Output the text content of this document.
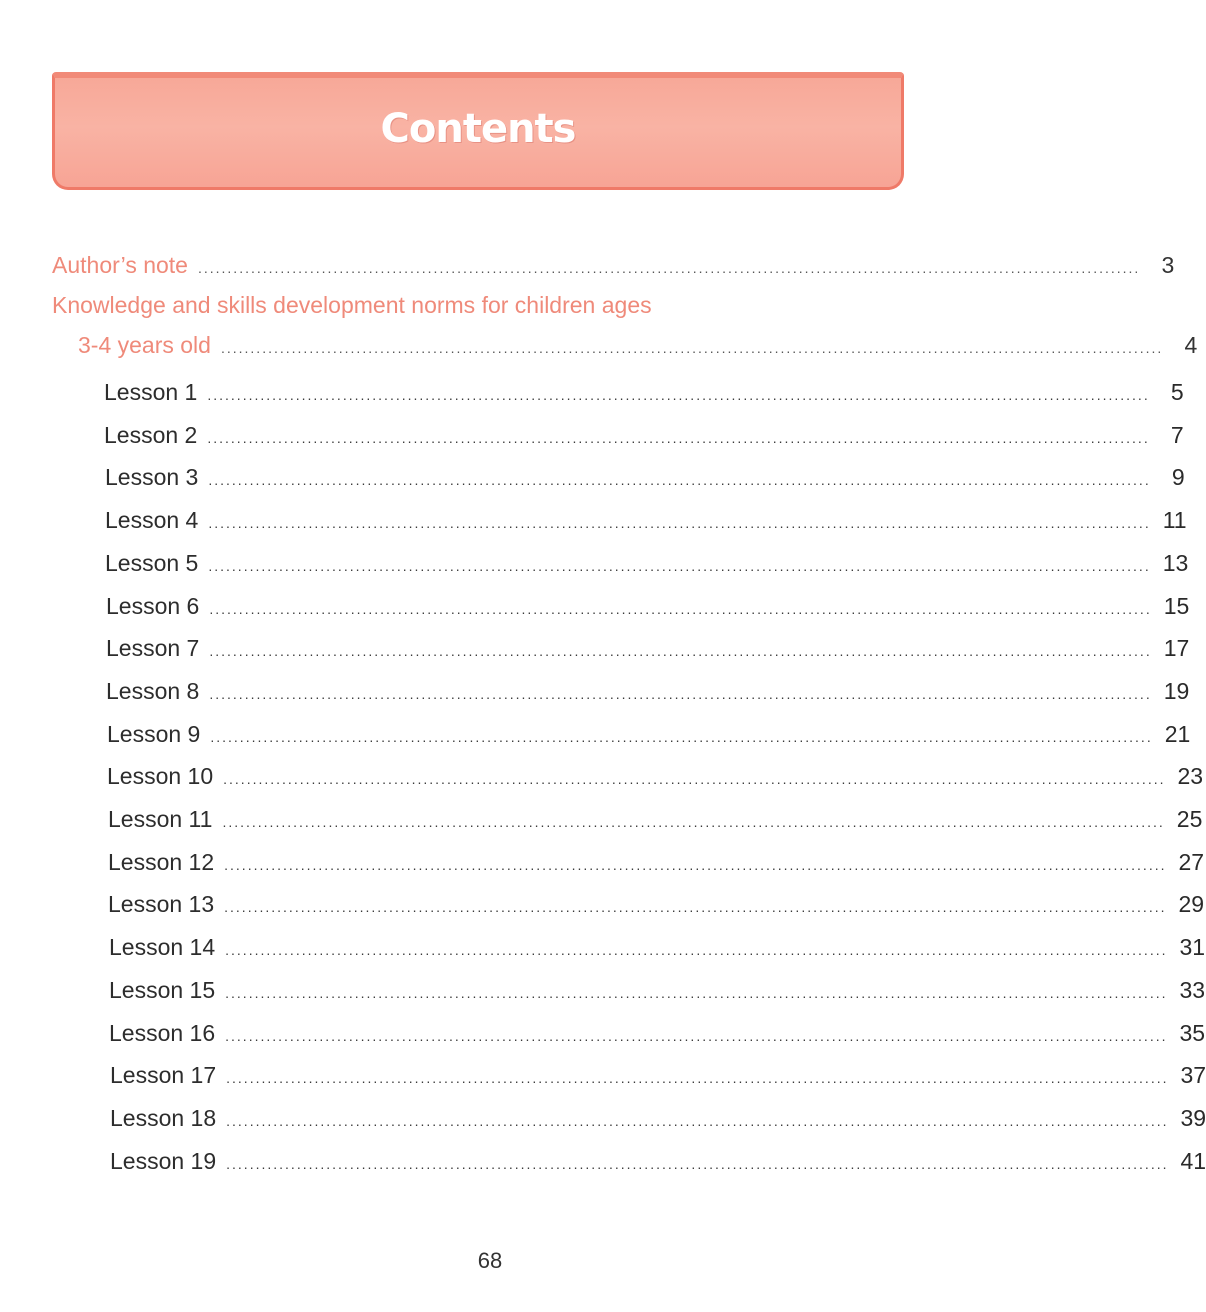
Contents
Author’s note ................................................................................................................................................................ 3
Knowledge and skills development norms for children ages
3-4 years old ................................................................................................................................................................ 4
Lesson 1 ................................................................................................................................................................ 5
Lesson 2 ................................................................................................................................................................ 7
Lesson 3 ................................................................................................................................................................ 9
Lesson 4 ................................................................................................................................................................ 11
Lesson 5 ................................................................................................................................................................ 13
Lesson 6 ................................................................................................................................................................ 15
Lesson 7 ................................................................................................................................................................ 17
Lesson 8 ................................................................................................................................................................ 19
Lesson 9 ................................................................................................................................................................ 21
Lesson 10 ................................................................................................................................................................ 23
Lesson 11 ................................................................................................................................................................ 25
Lesson 12 ................................................................................................................................................................ 27
Lesson 13 ................................................................................................................................................................ 29
Lesson 14 ................................................................................................................................................................ 31
Lesson 15 ................................................................................................................................................................ 33
Lesson 16 ................................................................................................................................................................ 35
Lesson 17 ................................................................................................................................................................ 37
Lesson 18 ................................................................................................................................................................ 39
Lesson 19 ................................................................................................................................................................ 41
68
